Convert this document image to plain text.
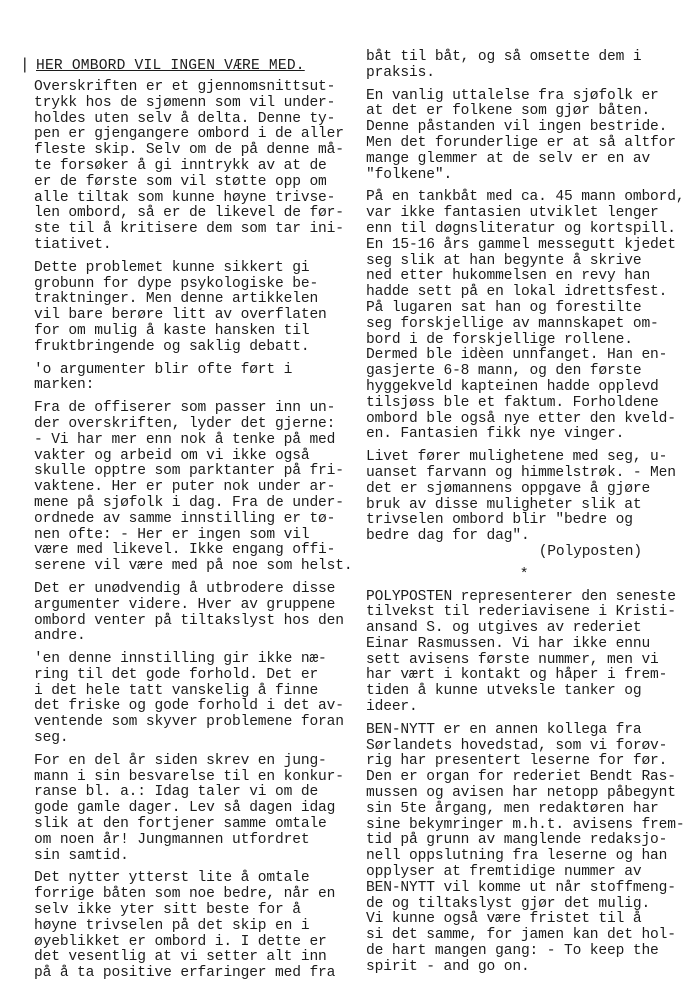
| HER OMBORD VIL INGEN VÆRE MED.
Overskriften er et gjennomsnittsut-
trykk hos de sjømenn som vil under-
holdes uten selv å delta. Denne ty-
pen er gjengangere ombord i de aller
fleste skip. Selv om de på denne må-
te forsøker å gi inntrykk av at de
er de første som vil støtte opp om
alle tiltak som kunne høyne trivse-
len ombord, så er de likevel de før-
ste til å kritisere dem som tar ini-
tiativet.
Dette problemet kunne sikkert gi
grobunn for dype psykologiske be-
traktninger. Men denne artikkelen
vil bare berøre litt av overflaten
for om mulig å kaste hansken til
fruktbringende og saklig debatt.
'o argumenter blir ofte ført i
marken:
Fra de offiserer som passer inn un-
der overskriften, lyder det gjerne:
- Vi har mer enn nok å tenke på med
vakter og arbeid om vi ikke også
skulle opptre som parktanter på fri-
vaktene. Her er puter nok under ar-
mene på sjøfolk i dag. Fra de under-
ordnede av samme innstilling er tø-
nen ofte: - Her er ingen som vil
være med likevel. Ikke engang offi-
serene vil være med på noe som helst.
Det er unødvendig å utbrodere disse
argumenter videre. Hver av gruppene
ombord venter på tiltakslyst hos den
andre.
'en denne innstilling gir ikke næ-
ring til det gode forhold. Det er
i det hele tatt vanskelig å finne
det friske og gode forhold i det av-
ventende som skyver problemene foran
seg.
For en del år siden skrev en jung-
mann i sin besvarelse til en konkur-
ranse bl. a.: Idag taler vi om de
gode gamle dager. Lev så dagen idag
slik at den fortjener samme omtale
om noen år! Jungmannen utfordret
sin samtid.
Det nytter ytterst lite å omtale
forrige båten som noe bedre, når en
selv ikke yter sitt beste for å
høyne trivselen på det skip en i
øyeblikket er ombord i. I dette er
det vesentlig at vi setter alt inn
på å ta positive erfaringer med fra
båt til båt, og så omsette dem i
praksis.
En vanlig uttalelse fra sjøfolk er
at det er folkene som gjør båten.
Denne påstanden vil ingen bestride.
Men det forunderlige er at så altfor
mange glemmer at de selv er en av
"folkene".
På en tankbåt med ca. 45 mann ombord,
var ikke fantasien utviklet lenger
enn til døgnsliteratur og kortspill.
En 15-16 års gammel messegutt kjedet
seg slik at han begynte å skrive
ned etter hukommelsen en revy han
hadde sett på en lokal idrettsfest.
På lugaren sat han og forestilte
seg forskjellige av mannskapet om-
bord i de forskjellige rollene.
Dermed ble idèen unnfanget. Han en-
gasjerte 6-8 mann, og den første
hyggekveld kapteinen hadde opplevd
tilsjøss ble et faktum. Forholdene
ombord ble også nye etter den kveld-
en. Fantasien fikk nye vinger.
Livet fører mulighetene med seg, u-
uanset farvann og himmelstrøk. - Men
det er sjømannens oppgave å gjøre
bruk av disse muligheter slik at
trivselen ombord blir "bedre og
bedre dag for dag".
(Polyposten)
*
POLYPOSTEN representerer den seneste
tilvekst til rederiavisene i Kristi-
ansand S. og utgives av rederiet
Einar Rasmussen. Vi har ikke ennu
sett avisens første nummer, men vi
har vært i kontakt og håper i frem-
tiden å kunne utveksle tanker og
ideer.
BEN-NYTT er en annen kollega fra
Sørlandets hovedstad, som vi forøv-
rig har presentert leserne for før.
Den er organ for rederiet Bendt Ras-
mussen og avisen har netopp påbegynt
sin 5te årgang, men redaktøren har
sine bekymringer m.h.t. avisens frem-
tid på grunn av manglende redaksjo-
nell oppslutning fra leserne og han
opplyser at fremtidige nummer av
BEN-NYTT vil komme ut når stoffmeng-
de og tiltakslyst gjør det mulig.
Vi kunne også være fristet til å
si det samme, for jamen kan det hol-
de hart mangen gang: - To keep the
spirit - and go on.
